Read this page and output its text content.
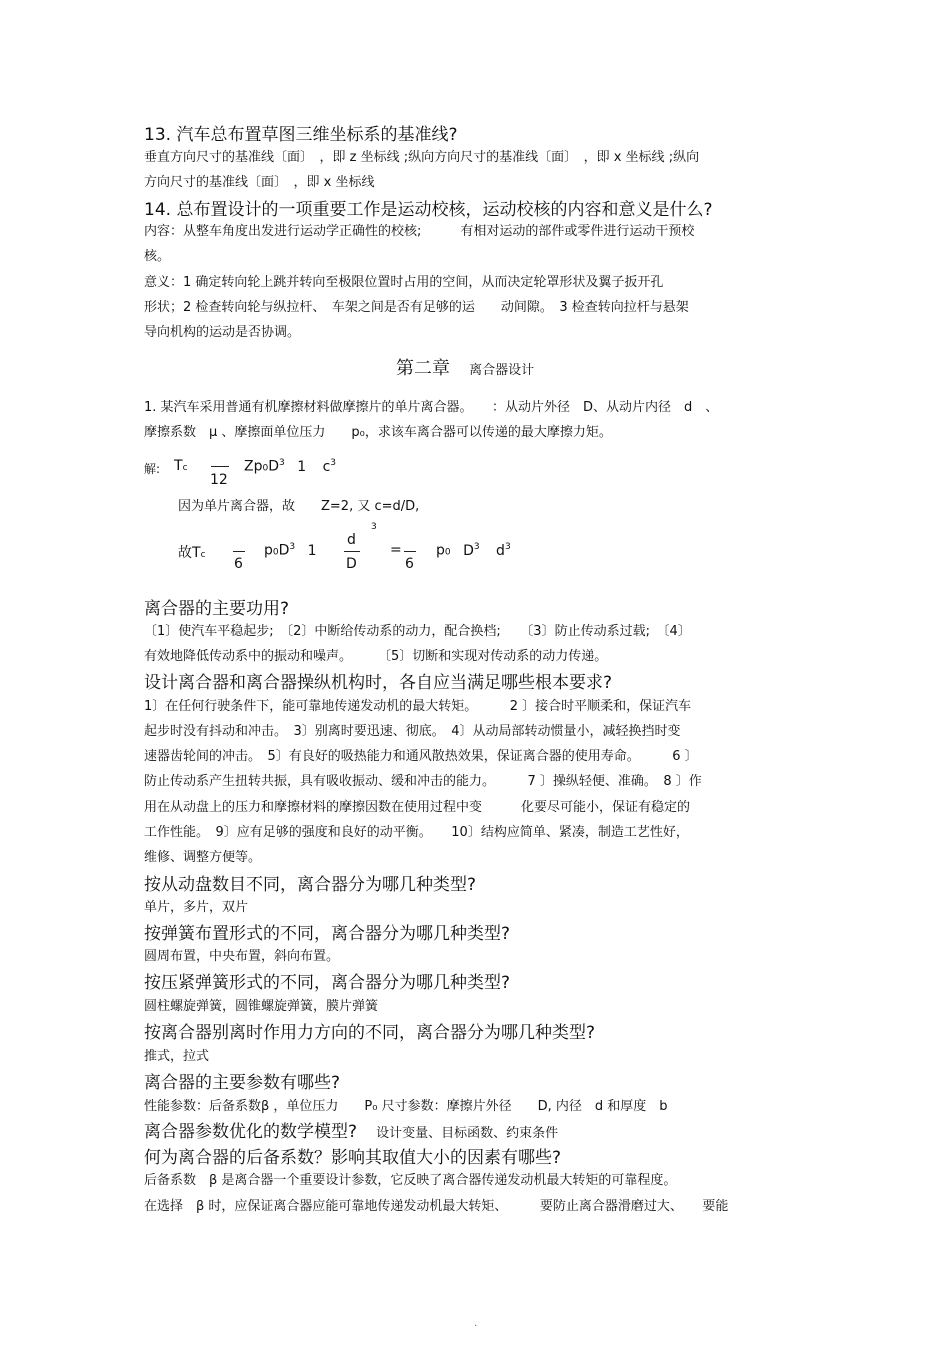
13. 汽车总布置草图三维坐标系的基准线?
垂直方向尺寸的基准线〔面〕　，即 z 坐标线 ;纵向方向尺寸的基准线〔面〕　，即 x 坐标线 ;纵向
方向尺寸的基准线〔面〕　，即 x 坐标线
14. 总布置设计的一项重要工作是运动校核，运动校核的内容和意义是什么?
内容：从整车角度出发进行运动学正确性的校核;　　　有相对运动的部件或零件进行运动干预校
核。
意义：1 确定转向轮上跳并转向至极限位置时占用的空间，从而决定轮罩形状及翼子扳开孔
形状；2 检查转向轮与纵拉杆、　车架之间是否有足够的运　　动间隙。　3 检查转向拉杆与悬架
导向机构的运动是否协调。
第二章 离合器设计
1. 某汽车采用普通有机摩擦材料做摩擦片的单片离合器。　　：从动片外径　D、从动片内径　d　、
摩擦系数　μ 、摩擦面单位压力　　p₀，求该车离合器可以传递的最大摩擦力矩。
解: Tc
12
$Zp0D^3$ 1 $c^3$
因为单片离合器，故　　Z=2, 又 c=d/D,
故Tc
6
$p0D^3$ 1
d
D
3
=
6
p0 $D^3$ $d^3$
离合器的主要功用?
〔1〕使汽车平稳起步;　〔2〕中断给传动系的动力，配合换档;　　〔3〕防止传动系过载;　〔4〕
有效地降低传动系中的振动和噪声。　　　〔5〕切断和实现对传动系的动力传递。
设计离合器和离合器操纵机构时，各自应当满足哪些根本要求?
1〕在任何行驶条件下，能可靠地传递发动机的最大转矩。　　　2 〕接合时平顺柔和，保证汽车
起步时没有抖动和冲击。　3〕别离时要迅速、彻底。　4〕从动局部转动惯量小，减轻换挡时变
速器齿轮间的冲击。　5〕有良好的吸热能力和通风散热效果，保证离合器的使用寿命。　　　6 〕
防止传动系产生扭转共振，具有吸收振动、缓和冲击的能力。　　　7 〕操纵轻便、准确。　8 〕作
用在从动盘上的压力和摩擦材料的摩擦因数在使用过程中变　　　化要尽可能小，保证有稳定的
工作性能。　9〕应有足够的强度和良好的动平衡。　　10〕结构应简单、紧凑，制造工艺性好，
维修、调整方便等。
按从动盘数目不同，离合器分为哪几种类型?
单片，多片，双片
按弹簧布置形式的不同，离合器分为哪几种类型?
圆周布置，中央布置，斜向布置。
按压紧弹簧形式的不同，离合器分为哪几种类型?
圆柱螺旋弹簧，圆锥螺旋弹簧，膜片弹簧
按离合器别离时作用力方向的不同，离合器分为哪几种类型?
推式，拉式
离合器的主要参数有哪些?
性能参数：后备系数β ，单位压力　　P₀ 尺寸参数：摩擦片外径　　D, 内径　d 和厚度　b
离合器参数优化的数学模型? 设计变量、目标函数、约束条件
何为离合器的后备系数？影响其取值大小的因素有哪些?
后备系数　β 是离合器一个重要设计参数，它反映了离合器传递发动机最大转矩的可靠程度。
在选择　β 时，应保证离合器应能可靠地传递发动机最大转矩、　　　要防止离合器滑磨过大、　　要能
.
